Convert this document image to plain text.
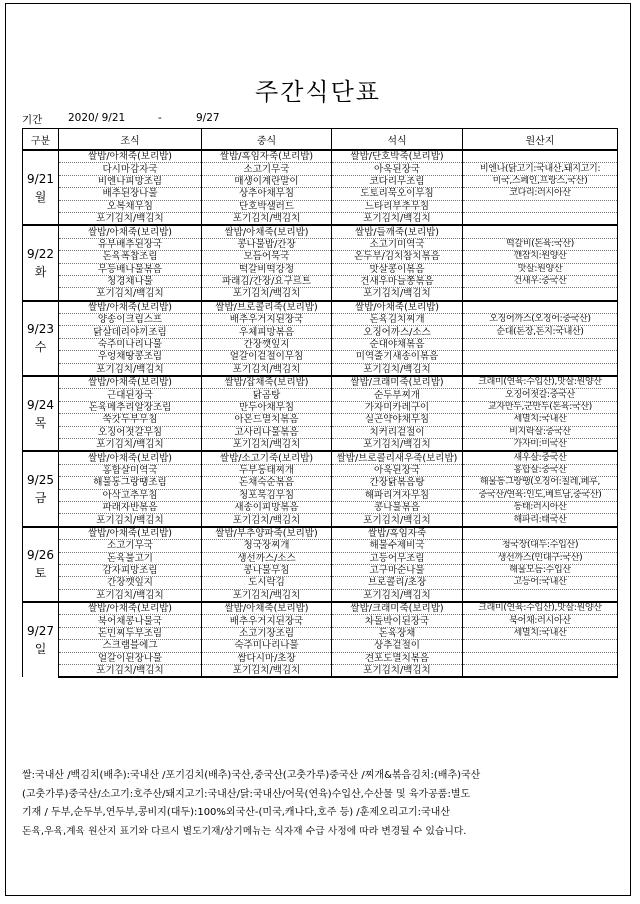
주간식단표
기간 2020/ 9/21	-	9/27
구분	조식	중식	석식	원산지
9/21
월	쌀밥/아채죽(보리밥)	쌀밥/흑임자죽(보리밥)	쌀밥/단호박죽(보리밥)	
	다시마감자국	소고기무국	아욱된장국	비엔나(닭고기:국내산,돼지고기:
	비엔나피망조림	매생이계란말이	코다리무조림	미국,스페인,프랑스,국산)
	배추된장나물	상추아채무침	도토리묵오이무침	코다리:러시아산
	오복채무침	단호박샐러드	느타리부추무침	
	포기김치/백김치	포기김치/백김치	포기김치/백김치	
9/22
화	쌀밥/아채죽(보리밥)	쌀밥/아채죽(보리밥)	쌀밥/들깨죽(보리밥)	
	유부배추된장국	콩나물밥/간장	소고기미역국	떡갈비(돈육:국산)
	돈육폭찹조림	모듬어묵국	온두부/김치참치볶음	깬잠치:원양산
	무등배나물볶음	떡갈비떡강정	맛살콩이볶음	맛살:원양산
	청경채나물	파래김/간장/요구르트	건새우마늘쫑볶음	건새우:중국산
	포기김치/백김치	포기김치/백김치	포기김치/백김치	
9/23
수	쌀밥/아채죽(보리밥)	쌀밥/브로콜리죽(보리밥)	쌀밥/아채죽(보리밥)	
	양송이크림스프	배추우거지된장국	돈육김치찌개	오징어까스(오징어:중국산)
	닭살데리야끼조림	우체피망볶음	오징어까스/소스	순대(돈장,돈지:국내산)
	숙주미나리나물	간장깻잎지	순대야채볶음	
	우엉채땅콩조림	얼갈이겉절이무침	미역줄기새송이볶음	
	포기김치/백김치	포기김치/백김치	포기김치/백김치	
9/24
목	쌀밥/아채죽(보리밥)	쌀밥/잡채죽(보리밥)	쌀밥/크래미죽(보리밥)	크래미(연육:수입산),맛살:원양산
	근대된장국	닭곰탕	순두부찌개	오징어젓갈:중국산
	돈육메추리알장조림	만두아채무침	가자미카레구이	교자만두,군만두(돈육:국산)
	쑥갓두부무침	아몬드멸치볶음	실곤약야채무침	세멸치:국내산
	오징어젓갈무침	고사리나물볶음	치커리겉절이	비지락살:중국산
	포기김치/백김치	포기김치/백김치	포기김치/백김치	가자미:미국산
9/25
금	쌀밥/아채죽(보리밥)	쌀밥/소고기죽(보리밥)	쌀밥/브로콜리새우죽(보리밥)	새우살:중국산
	홍합살미역국	두부동태찌개	아욱된장국	홍합살:중국산
	해물동그랑땡조림	돈채숙순볶음	간장닭볶음탕	해물동그랑땡(오징어:칠레,페루,
	아삭고추무침	청포묵김무침	해파리겨자무침	중국산/연육:인도,베트남,중국산)
	파래자반볶음	새송이피망볶음	콩나물볶음	동태:러시아산
	포기김치/백김치	포기김치/백김치	포기김치/백김치	해파리:태국산
9/26
토	쌀밥/아채죽(보리밥)	쌀밥/부추양파죽(보리밥)	쌀밥/흑임자죽	
	소고기무국	청국장찌개	해물수제비국	청국장(대두:수입산)
	돈육불고기	생선까스/소스	고등어무조림	생선까스(민대구:국산)
	감자피망조림	콩나물무침	고구마순나물	해물모듬:수입산
	간장깻잎지	도시락김	브로콜리/초장	고등어:국내산
	포기김치/백김치	포기김치/백김치	포기김치/백김치	
9/27
일	쌀밥/아채죽(보리밥)	쌀밥/아채죽(보리밥)	쌀밥/크래미죽(보리밥)	크래미(연육:수입산),맛살:원양산
	북어채콩나물국	배추우거지된장국	차돌박이된장국	북어채:러시아산
	돈민찌두부조림	소고기장조림	돈육장채	세멸치:국내산
	스크램블에그	숙주미나리나물	상추겉절이	
	얼갈이된장나물	쌈다시마/초장	견포도멸치볶음	
	포기김치/백김치	포기김치/백김치	포기김치/백김치	
쌀:국내산 /백김치(배추):국내산 /포기김치(배추)국산,중국산(고춧가루)중국산 /찌개&볶음김치:(배추)국산
(고춧가루)중국산/소고기:호주산/돼지고기:국내산/닭:국내산/어묵(연육)수입산,수산물 및 육가공품:별도
기재 / 두부,순두부,연두부,콩비지(대두):100%외국산-(미국,캐나다,호주 등) /훈제오리고기:국내산
돈육,우육,계육 원산지 표기와 다르시 별도기재/상기메뉴는 식자재 수급 사정에 따라 변경될 수 있습니다.
